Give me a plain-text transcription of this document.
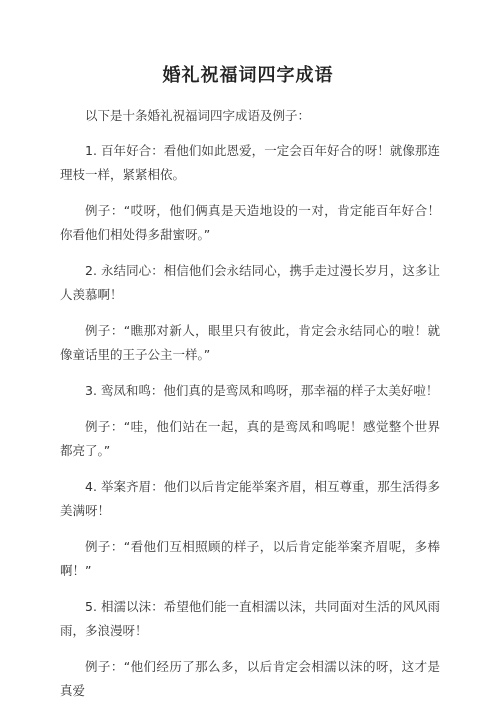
婚礼祝福词四字成语

以下是十条婚礼祝福词四字成语及例子：

1. 百年好合：看他们如此恩爱，一定会百年好合的呀！就像那连理枝一样，紧紧相依。

例子：“哎呀，他们俩真是天造地设的一对，肯定能百年好合！你看他们相处得多甜蜜呀。”

2. 永结同心：相信他们会永结同心，携手走过漫长岁月，这多让人羡慕啊！

例子：“瞧那对新人，眼里只有彼此，肯定会永结同心的啦！就像童话里的王子公主一样。”

3. 鸾凤和鸣：他们真的是鸾凤和鸣呀，那幸福的样子太美好啦！

例子：“哇，他们站在一起，真的是鸾凤和鸣呢！感觉整个世界都亮了。”

4. 举案齐眉：他们以后肯定能举案齐眉，相互尊重，那生活得多美满呀！

例子：“看他们互相照顾的样子，以后肯定能举案齐眉呢，多棒啊！”

5. 相濡以沫：希望他们能一直相濡以沫，共同面对生活的风风雨雨，多浪漫呀！

例子：“他们经历了那么多，以后肯定会相濡以沫的呀，这才是真爱
